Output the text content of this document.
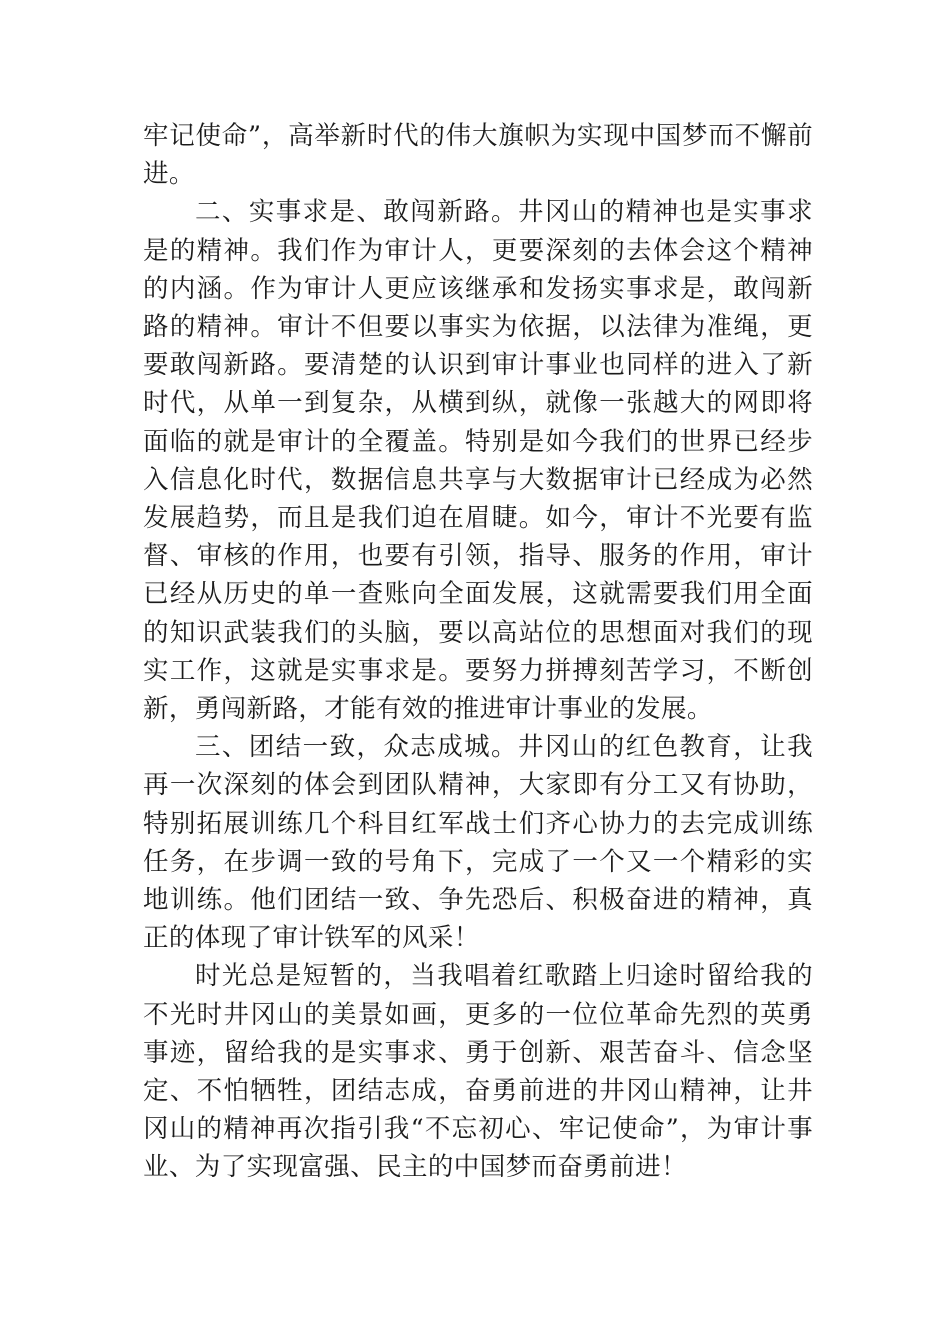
牢记使命”，高举新时代的伟大旗帜为实现中国梦而不懈前进。

二、实事求是、敢闯新路。井冈山的精神也是实事求是的精神。我们作为审计人，更要深刻的去体会这个精神的内涵。作为审计人更应该继承和发扬实事求是，敢闯新路的精神。审计不但要以事实为依据，以法律为准绳，更要敢闯新路。要清楚的认识到审计事业也同样的进入了新时代，从单一到复杂，从横到纵，就像一张越大的网即将面临的就是审计的全覆盖。特别是如今我们的世界已经步入信息化时代，数据信息共享与大数据审计已经成为必然发展趋势，而且是我们迫在眉睫。如今，审计不光要有监督、审核的作用，也要有引领，指导、服务的作用，审计已经从历史的单一查账向全面发展，这就需要我们用全面的知识武装我们的头脑，要以高站位的思想面对我们的现实工作，这就是实事求是。要努力拼搏刻苦学习，不断创新，勇闯新路，才能有效的推进审计事业的发展。

三、团结一致，众志成城。井冈山的红色教育，让我再一次深刻的体会到团队精神，大家即有分工又有协助，特别拓展训练几个科目红军战士们齐心协力的去完成训练任务，在步调一致的号角下，完成了一个又一个精彩的实地训练。他们团结一致、争先恐后、积极奋进的精神，真正的体现了审计铁军的风采！

时光总是短暂的，当我唱着红歌踏上归途时留给我的不光时井冈山的美景如画，更多的一位位革命先烈的英勇事迹，留给我的是实事求、勇于创新、艰苦奋斗、信念坚定、不怕牺牲，团结志成，奋勇前进的井冈山精神，让井冈山的精神再次指引我“不忘初心、牢记使命”，为审计事业、为了实现富强、民主的中国梦而奋勇前进！
